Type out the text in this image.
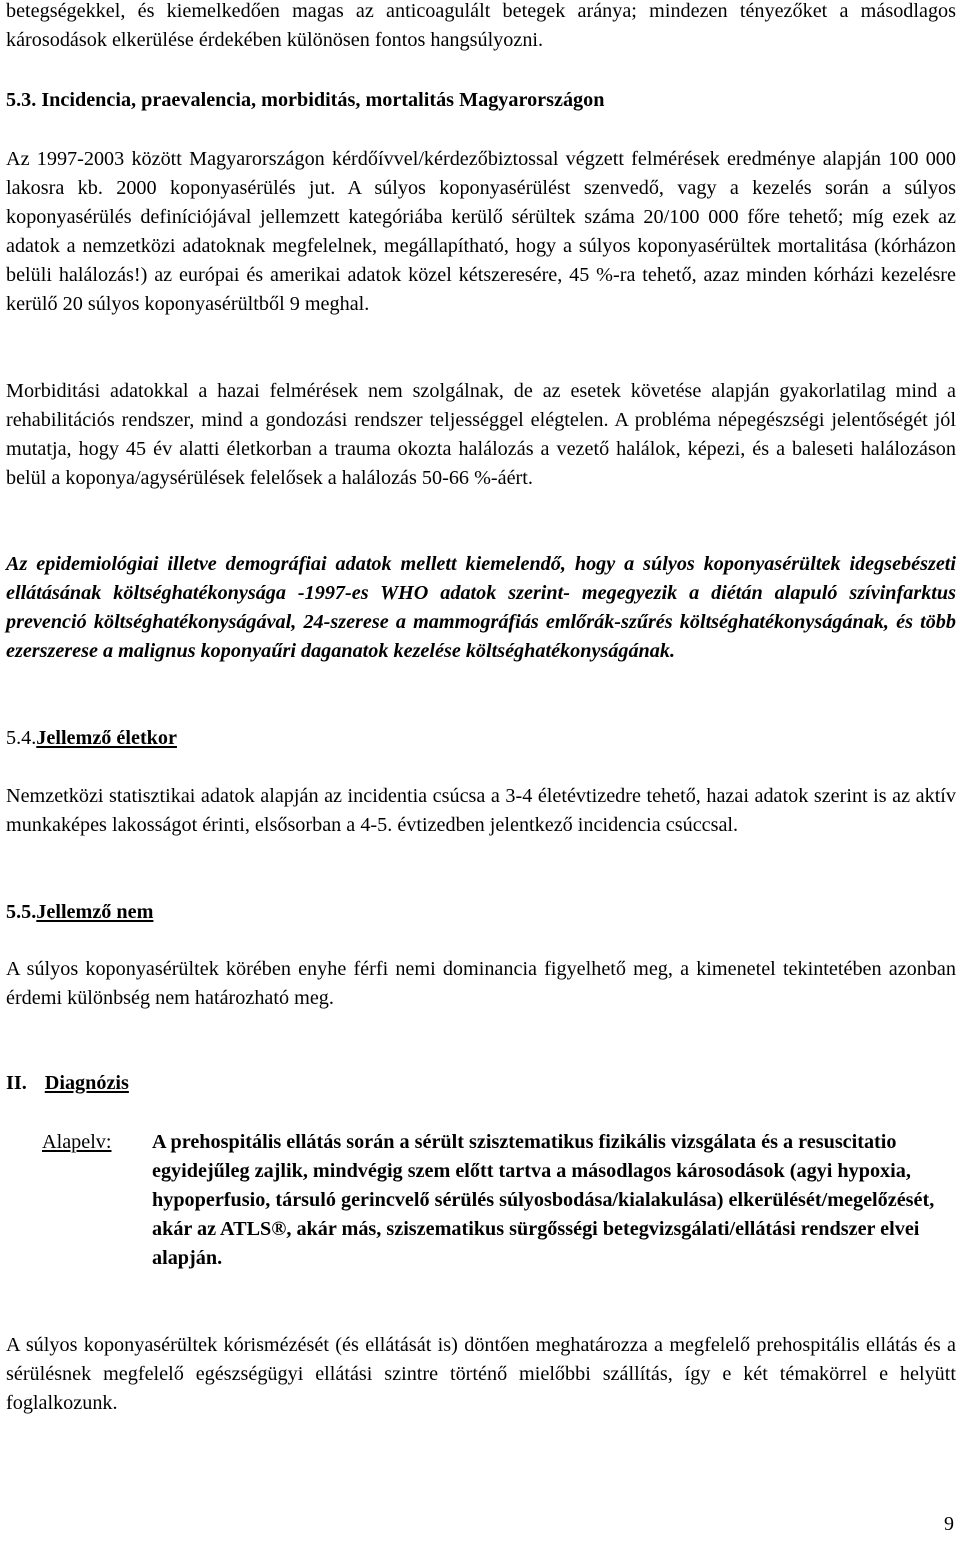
betegségekkel, és kiemelkedően magas az anticoagulált betegek aránya; mindezen tényezőket a másodlagos károsodások elkerülése érdekében különösen fontos hangsúlyozni.

5.3. Incidencia, praevalencia, morbiditás, mortalitás Magyarországon

Az 1997-2003 között Magyarországon kérdőívvel/kérdezőbiztossal végzett felmérések eredménye alapján 100 000 lakosra kb. 2000 koponyasérülés jut. A súlyos koponyasérülést szenvedő, vagy a kezelés során a súlyos koponyasérülés definíciójával jellemzett kategóriába kerülő sérültek száma 20/100 000 főre tehető; míg ezek az adatok a nemzetközi adatoknak megfelelnek, megállapítható, hogy a súlyos koponyasérültek mortalitása (kórházon belüli halálozás!) az európai és amerikai adatok közel kétszeresére, 45 %-ra tehető, azaz minden kórházi kezelésre kerülő 20 súlyos koponyasérültből 9 meghal.

Morbiditási adatokkal a hazai felmérések nem szolgálnak, de az esetek követése alapján gyakorlatilag mind a rehabilitációs rendszer, mind a gondozási rendszer teljességgel elégtelen. A probléma népegészségi jelentőségét jól mutatja, hogy 45 év alatti életkorban a trauma okozta halálozás a vezető halálok, képezi, és a baleseti halálozáson belül a koponya/agysérülések felelősek a halálozás 50-66 %-áért.

Az epidemiológiai illetve demográfiai adatok mellett kiemelendő, hogy a súlyos koponyasérültek idegsebészeti ellátásának költséghatékonysága -1997-es WHO adatok szerint- megegyezik a diétán alapuló szívinfarktus prevenció költséghatékonyságával, 24-szerese a mammográfiás emlőrák-szűrés költséghatékonyságának, és több ezerszerese a malignus koponyaűri daganatok kezelése költséghatékonyságának.

5.4.Jellemző életkor

Nemzetközi statisztikai adatok alapján az incidentia csúcsa a 3-4 életévtizedre tehető, hazai adatok szerint is az aktív munkaképes lakosságot érinti, elsősorban a 4-5. évtizedben jelentkező incidencia csúccsal.

5.5.Jellemző nem

A súlyos koponyasérültek körében enyhe férfi nemi dominancia figyelhető meg, a kimenetel tekintetében azonban érdemi különbség nem határozható meg.

II. Diagnózis

Alapelv: A prehospitális ellátás során a sérült szisztematikus fizikális vizsgálata és a resuscitatio egyidejűleg zajlik, mindvégig szem előtt tartva a másodlagos károsodások (agyi hypoxia, hypoperfusio, társuló gerincvelő sérülés súlyosbodása/kialakulása) elkerülését/megelőzését, akár az ATLS®, akár más, sziszematikus sürgősségi betegvizsgálati/ellátási rendszer elvei alapján.

A súlyos koponyasérültek kórismézését (és ellátását is) döntően meghatározza a megfelelő prehospitális ellátás és a sérülésnek megfelelő egészségügyi ellátási szintre történő mielőbbi szállítás, így e két témakörrel e helyütt foglalkozunk.

9
